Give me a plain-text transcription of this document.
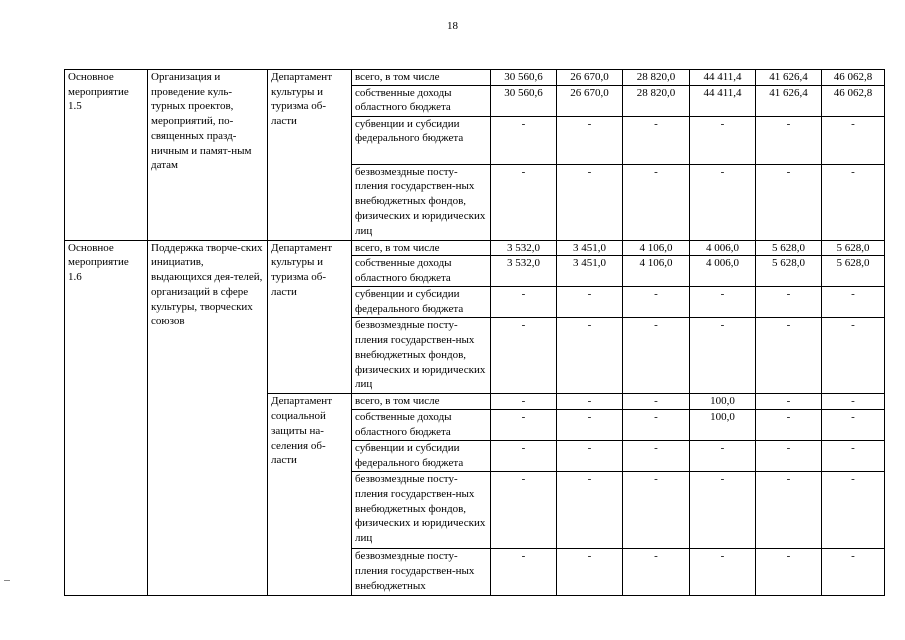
18
Основное мероприятие 1.5	Организация и проведение куль-турных проектов, мероприятий, по-священных празд-ничным и памят-ным датам	Департамент культуры и туризма об-ласти	всего, в том числе	30 560,6	26 670,0	28 820,0	44 411,4	41 626,4	46 062,8
			собственные доходы областного бюджета	30 560,6	26 670,0	28 820,0	44 411,4	41 626,4	46 062,8
			субвенции и субсидии федерального бюджета	-	-	-	-	-	-
			безвозмездные посту-пления государствен-ных внебюджетных фондов, физических и юридических лиц	-	-	-	-	-	-
Основное мероприятие 1.6	Поддержка творче-ских инициатив, выдающихся дея-телей, организаций в сфере культуры, творческих союзов	Департамент культуры и туризма об-ласти	всего, в том числе	3 532,0	3 451,0	4 106,0	4 006,0	5 628,0	5 628,0
			собственные доходы областного бюджета	3 532,0	3 451,0	4 106,0	4 006,0	5 628,0	5 628,0
			субвенции и субсидии федерального бюджета	-	-	-	-	-	-
			безвозмездные посту-пления государствен-ных внебюджетных фондов, физических и юридических лиц	-	-	-	-	-	-
		Департамент социальной защиты на-селения об-ласти	всего, в том числе	-	-	-	100,0	-	-
			собственные доходы областного бюджета	-	-	-	100,0	-	-
			субвенции и субсидии федерального бюджета	-	-	-	-	-	-
			безвозмездные посту-пления государствен-ных внебюджетных фондов, физических и юридических лиц	-	-	-	-	-	-
			безвозмездные посту-пления государствен-ных внебюджетных	-	-	-	-	-	-
